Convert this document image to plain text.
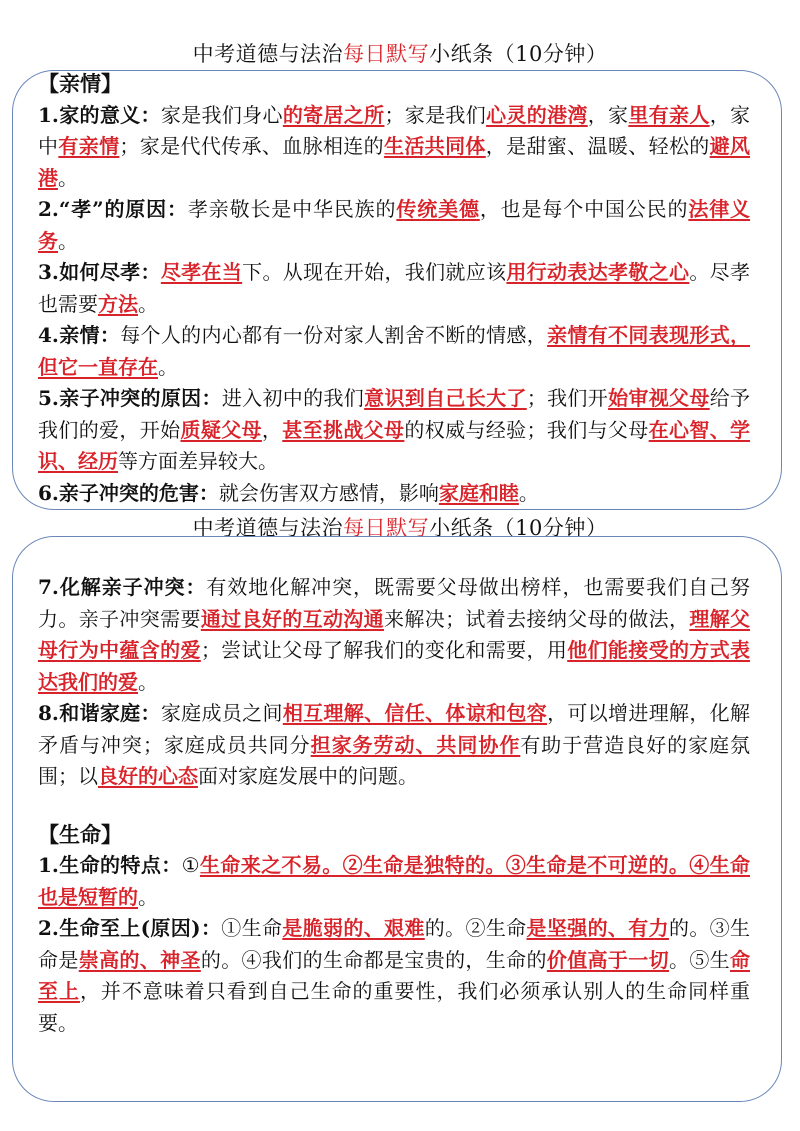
中考道德与法治每日默写小纸条（10分钟）

【亲情】

1.家的意义：家是我们身心的寄居之所；家是我们心灵的港湾，家里有亲人，家中有亲情；家是代代传承、血脉相连的生活共同体，是甜蜜、温暖、轻松的避风港。

2.“孝”的原因：孝亲敬长是中华民族的传统美德，也是每个中国公民的法律义务。

3.如何尽孝：尽孝在当下。从现在开始，我们就应该用行动表达孝敬之心。尽孝也需要方法。

4.亲情：每个人的内心都有一份对家人割舍不断的情感，亲情有不同表现形式，但它一直存在。

5.亲子冲突的原因：进入初中的我们意识到自己长大了；我们开始审视父母给予我们的爱，开始质疑父母，甚至挑战父母的权威与经验；我们与父母在心智、学识、经历等方面差异较大。

6.亲子冲突的危害：就会伤害双方感情，影响家庭和睦。

中考道德与法治每日默写小纸条（10分钟）

7.化解亲子冲突：有效地化解冲突，既需要父母做出榜样，也需要我们自己努力。亲子冲突需要通过良好的互动沟通来解决；试着去接纳父母的做法，理解父母行为中蕴含的爱；尝试让父母了解我们的变化和需要，用他们能接受的方式表达我们的爱。

8.和谐家庭：家庭成员之间相互理解、信任、体谅和包容，可以增进理解，化解矛盾与冲突；家庭成员共同分担家务劳动、共同协作有助于营造良好的家庭氛围；以良好的心态面对家庭发展中的问题。

【生命】

1.生命的特点：①生命来之不易。②生命是独特的。③生命是不可逆的。④生命也是短暂的。

2.生命至上(原因)：①生命是脆弱的、艰难的。②生命是坚强的、有力的。③生命是崇高的、神圣的。④我们的生命都是宝贵的，生命的价值高于一切。⑤生命至上，并不意味着只看到自己生命的重要性，我们必须承认别人的生命同样重要。
